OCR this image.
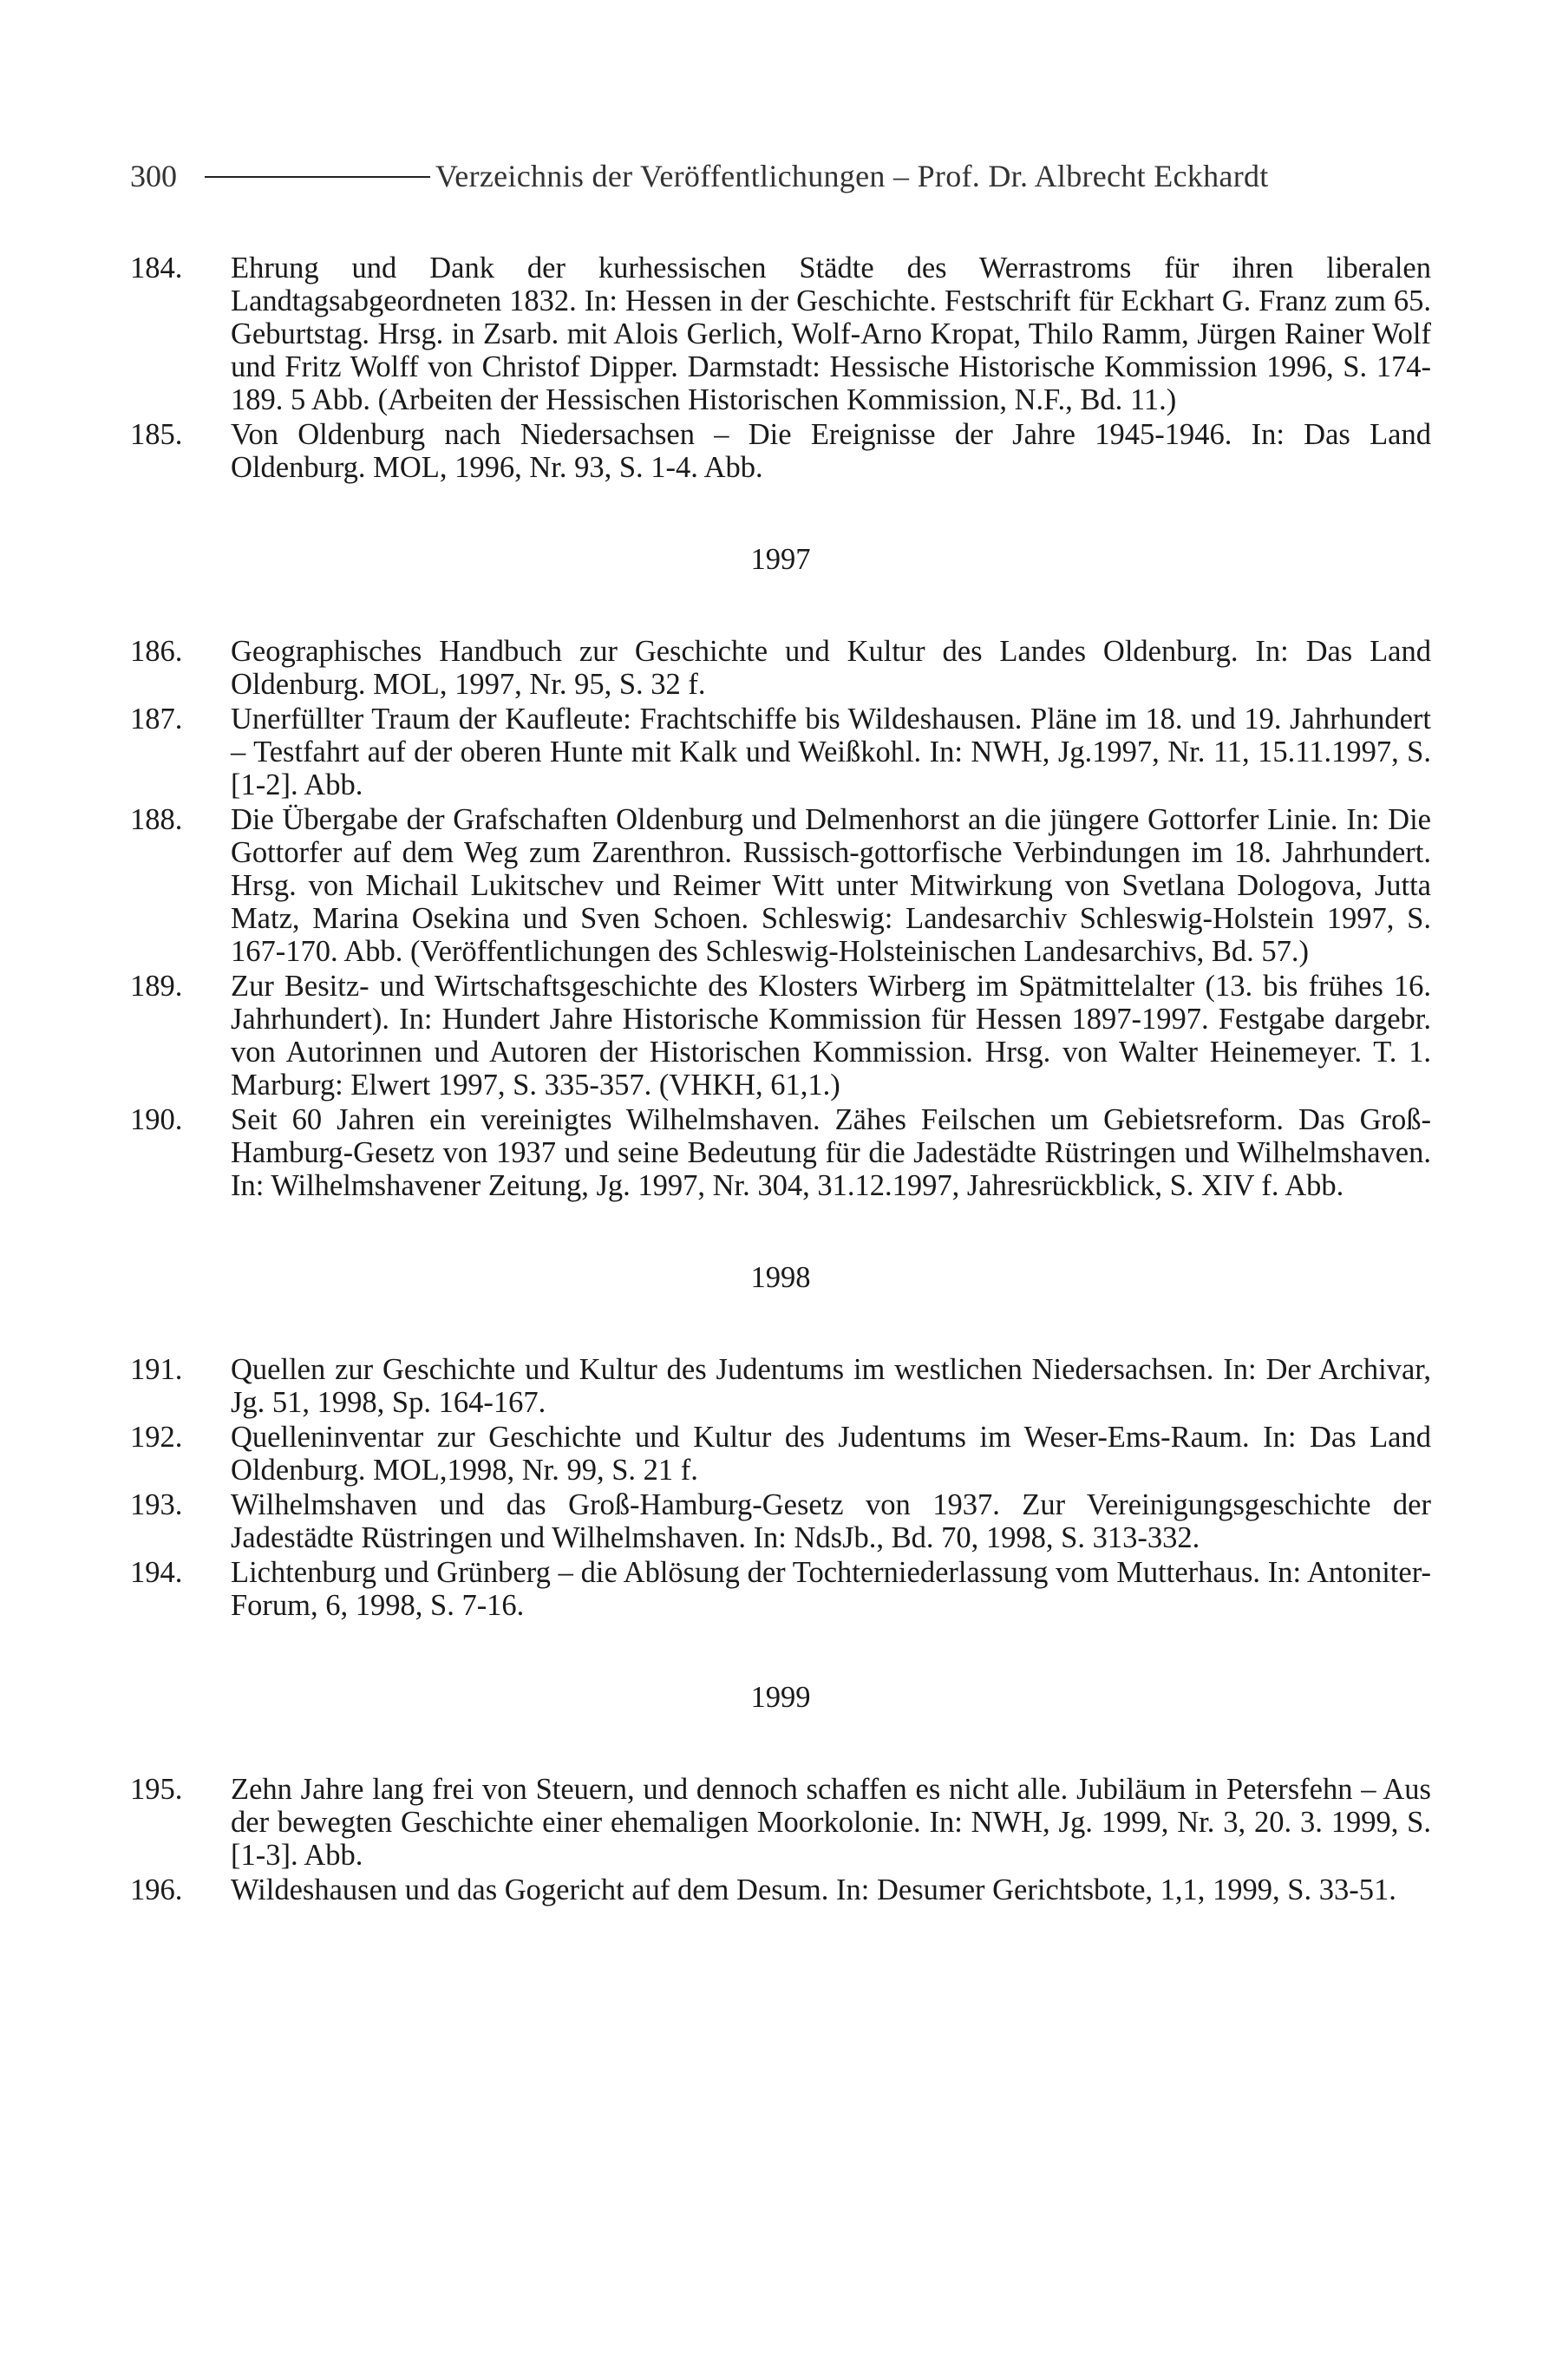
300	Verzeichnis der Veröffentlichungen – Prof. Dr. Albrecht Eckhardt
184.	Ehrung und Dank der kurhessischen Städte des Werrastroms für ihren liberalen Landtagsabgeordneten 1832. In: Hessen in der Geschichte. Festschrift für Eckhart G. Franz zum 65. Geburtstag. Hrsg. in Zsarb. mit Alois Gerlich, Wolf-Arno Kropat, Thilo Ramm, Jürgen Rainer Wolf und Fritz Wolff von Christof Dipper. Darmstadt: Hessische Historische Kommission 1996, S. 174-189. 5 Abb. (Arbeiten der Hessischen Historischen Kommission, N.F., Bd. 11.)
185.	Von Oldenburg nach Niedersachsen – Die Ereignisse der Jahre 1945-1946. In: Das Land Oldenburg. MOL, 1996, Nr. 93, S. 1-4. Abb.
1997
186.	Geographisches Handbuch zur Geschichte und Kultur des Landes Oldenburg. In: Das Land Oldenburg. MOL, 1997, Nr. 95, S. 32 f.
187.	Unerfüllter Traum der Kaufleute: Frachtschiffe bis Wildeshausen. Pläne im 18. und 19. Jahrhundert – Testfahrt auf der oberen Hunte mit Kalk und Weißkohl. In: NWH, Jg.1997, Nr. 11, 15.11.1997, S. [1-2]. Abb.
188.	Die Übergabe der Grafschaften Oldenburg und Delmenhorst an die jüngere Gottorfer Linie. In: Die Gottorfer auf dem Weg zum Zarenthron. Russisch-gottorfische Verbindungen im 18. Jahrhundert. Hrsg. von Michail Lukitschev und Reimer Witt unter Mitwirkung von Svetlana Dologova, Jutta Matz, Marina Osekina und Sven Schoen. Schleswig: Landesarchiv Schleswig-Holstein 1997, S. 167-170. Abb. (Veröffentlichungen des Schleswig-Holsteinischen Landesarchivs, Bd. 57.)
189.	Zur Besitz- und Wirtschaftsgeschichte des Klosters Wirberg im Spätmittelalter (13. bis frühes 16. Jahrhundert). In: Hundert Jahre Historische Kommission für Hessen 1897-1997. Festgabe dargebr. von Autorinnen und Autoren der Historischen Kommission. Hrsg. von Walter Heinemeyer. T. 1. Marburg: Elwert 1997, S. 335-357. (VHKH, 61,1.)
190.	Seit 60 Jahren ein vereinigtes Wilhelmshaven. Zähes Feilschen um Gebietsreform. Das Groß-Hamburg-Gesetz von 1937 und seine Bedeutung für die Jadestädte Rüstringen und Wilhelmshaven. In: Wilhelmshavener Zeitung, Jg. 1997, Nr. 304, 31.12.1997, Jahresrückblick, S. XIV f. Abb.
1998
191.	Quellen zur Geschichte und Kultur des Judentums im westlichen Niedersachsen. In: Der Archivar, Jg. 51, 1998, Sp. 164-167.
192.	Quelleninventar zur Geschichte und Kultur des Judentums im Weser-Ems-Raum. In: Das Land Oldenburg. MOL,1998, Nr. 99, S. 21 f.
193.	Wilhelmshaven und das Groß-Hamburg-Gesetz von 1937. Zur Vereinigungsgeschichte der Jadestädte Rüstringen und Wilhelmshaven. In: NdsJb., Bd. 70, 1998, S. 313-332.
194.	Lichtenburg und Grünberg – die Ablösung der Tochterniederlassung vom Mutterhaus. In: Antoniter-Forum, 6, 1998, S. 7-16.
1999
195.	Zehn Jahre lang frei von Steuern, und dennoch schaffen es nicht alle. Jubiläum in Petersfehn – Aus der bewegten Geschichte einer ehemaligen Moorkolonie. In: NWH, Jg. 1999, Nr. 3, 20. 3. 1999, S. [1-3]. Abb.
196.	Wildeshausen und das Gogericht auf dem Desum. In: Desumer Gerichtsbote, 1,1, 1999, S. 33-51.
